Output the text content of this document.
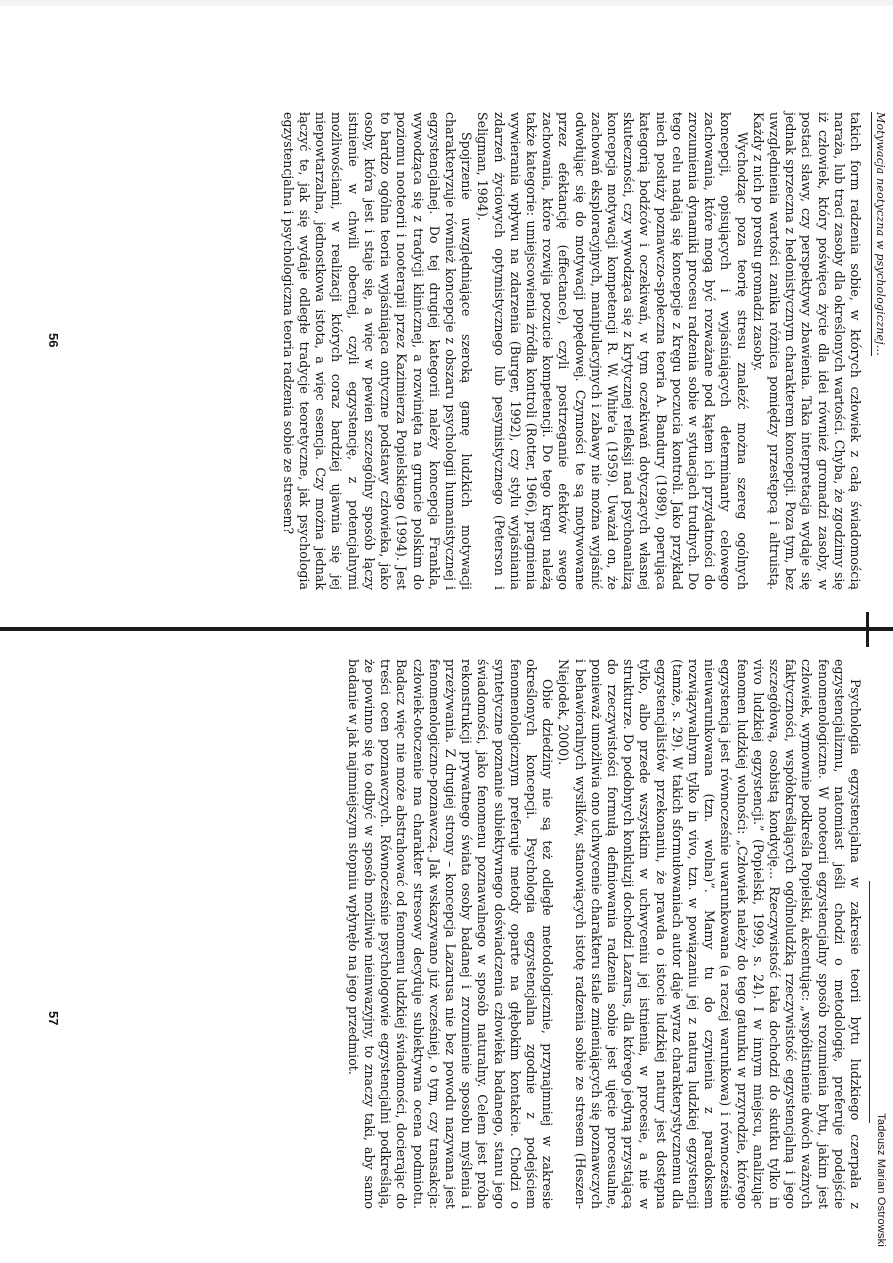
Motywacja neotyczna w psychologicznej...

takich form radzenia sobie, w których człowiek z całą świadomością naraża, lub traci zasoby dla określonych wartości. Chyba, że zgodzimy się iż człowiek, który poświęca życie dla idei również gromadzi zasoby, w postaci sławy, czy perspektywy zbawienia. Taka interpretacja wydaje się jednak sprzeczna z hedonistycznym charakterem koncepcji. Poza tym, bez uwzględnienia wartości zanika różnica pomiędzy przestępcą i altruistą. Każdy z nich po prostu gromadzi zasoby.

Wychodząc poza teorię stresu znaleźć można szereg ogólnych koncepcji, opisujących i wyjaśniających determinanty celowego zachowania, które mogą być rozważane pod kątem ich przydatności do zrozumienia dynamiki procesu radzenia sobie w sytuacjach trudnych. Do tego celu nadają się koncepcje z kręgu poczucia kontroli. Jako przykład niech posłuży poznawczo-społeczna teoria A. Bandury (1989), operująca kategorią bodźców i oczekiwań, w tym oczekiwań dotyczących własnej skuteczności, czy wywodząca się z krytycznej refleksji nad psychoanalizą koncepcja motywacji kompetencji R. W. White'a (1959). Uważał on, że zachowań eksploracyjnych, manipulacyjnych i zabawy nie można wyjaśnić odwołując się do motywacji popędowej. Czynności te są motywowane przez efektancję (effectance), czyli postrzeganie efektów swego zachowania, które rozwija poczucie kompetencji. Do tego kręgu należą także kategorie: umiejscowienia źródła kontroli (Rotter, 1966), pragnienia wywierania wpływu na zdarzenia (Burger, 1992), czy stylu wyjaśniania zdarzeń życiowych optymistycznego lub pesymistycznego (Peterson i Seligman, 1984).

Spojrzenie uwzględniające szeroką gamę ludzkich motywacji charakteryzuje również koncepcje z obszaru psychologii humanistycznej i egzystencjalnej. Do tej drugiej kategorii należy koncepcja Frankla, wywodząca się z tradycji klinicznej, a rozwinięta na gruncie polskim do poziomu nooteorii i nooterapii przez Kazimierza Popielskiego (1994). Jest to bardzo ogólna teoria wyjaśniająca ontyczne podstawy człowieka, jako osoby, która jest i staje się, a więc w pewien szczególny sposób łączy istnienie w chwili obecnej, czyli egzystencję, z potencjalnymi możliwościami, w realizacji których coraz bardziej ujawnia się jej niepowtarzalna, jednostkowa istota, a więc esencja. Czy można jednak łączyć te, jak się wydaje odległe tradycje teoretyczne, jak psychologia egzystencjalna i psychologiczna teoria radzenia sobie ze stresem?

56
Tadeusz Marian Ostrowski

Psychologia egzystencjalna w zakresie teorii bytu ludzkiego czerpała z egzystencjalizmu, natomiast jeśli chodzi o metodologię, preferuje podejście fenomenologiczne. W nooteorii egzystencjalny sposób rozumienia bytu, jakim jest człowiek, wymownie podkreśla Popielski, akcentując: „współistnienie dwóch ważnych faktyczności, współokreślających ogólnoludzką rzeczywistość egzystencjalną i jego szczegółową, osobistą kondycję... Rzeczywistość taka dochodzi do skutku tylko in vivo ludzkiej egzystencji.” (Popielski, 1999, s. 24). I w innym miejscu, analizując fenomen ludzkiej wolności: „Człowiek należy do tego gatunku w przyrodzie, którego egzystencja jest równocześnie uwarunkowana (a raczej warunkowa) i równocześnie nieuwarunkowana (tzn. wolna)”. Mamy tu do czynienia z paradoksem rozwiązywalnym tylko in vivo, tzn. w powiązaniu jej z naturą ludzkiej egzystencji (tamże, s. 29). W takich sformułowaniach autor daje wyraz charakterystycznemu dla egzystencjalistów przekonaniu, że prawda o istocie ludzkiej natury jest dostępna tylko, albo przede wszystkim w uchwyceniu jej istnienia, w procesie, a nie w strukturze. Do podobnych konkluzji dochodzi Lazarus, dla którego jedyną przystającą do rzeczywistości formułą definiowania radzenia sobie jest ujęcie procesualne, ponieważ umożliwia ono uchwycenie charakteru stale zmieniających się poznawczych i behawioralnych wysiłków, stanowiących istotę radzenia sobie ze stresem (Heszen-Niejodek, 2000).

Obie dziedziny nie są też odległe metodologicznie, przynajmniej w zakresie określonych koncepcji. Psychologia egzystencjalna zgodnie z podejściem fenomenologicznym preferuje metody oparte na głębokim kontakcie. Chodzi o syntetyczne poznanie subiektywnego doświadczenia człowieka badanego, stanu jego świadomości, jako fenomenu poznawalnego w sposób naturalny. Celem jest próba rekonstrukcji prywatnego świata osoby badanej i zrozumienie sposobu myślenia i przeżywania. Z drugiej strony – koncepcja Lazarusa nie bez powodu nazywana jest fenomenologiczno-poznawczą. Jak wskazywano już wcześniej, o tym, czy transakcja: człowiek-otoczenie ma charakter stresowy decyduje subiektywna ocena podmiotu. Badacz więc nie może abstrahować od fenomenu ludzkiej świadomości, docierając do treści ocen poznawczych. Równocześnie psychologowie egzystencjalni podkreślają, że powinno się to odbyć w sposób możliwie nieinwazyjny, to znaczy taki, aby samo badanie w jak najmniejszym stopniu wpłynęło na jego przedmiot.

57
